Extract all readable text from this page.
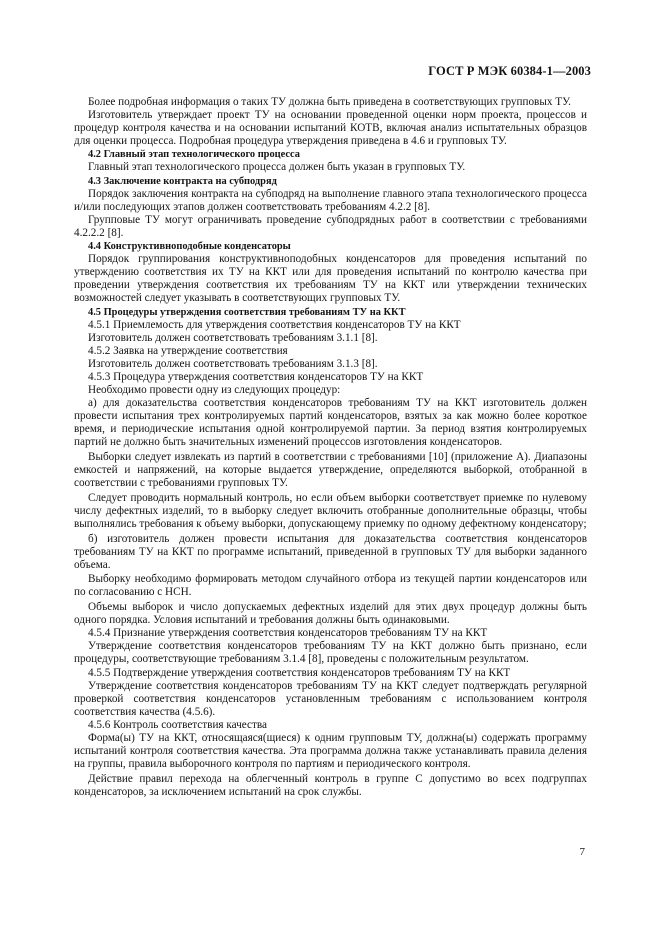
ГОСТ Р МЭК 60384-1—2003

Более подробная информация о таких ТУ должна быть приведена в соответствующих групповых ТУ.

Изготовитель утверждает проект ТУ на основании проведенной оценки норм проекта, процессов и процедур контроля качества и на основании испытаний КОТВ, включая анализ испытательных образцов для оценки процесса. Подробная процедура утверждения приведена в 4.6 и групповых ТУ.

4.2 Главный этап технологического процесса

Главный этап технологического процесса должен быть указан в групповых ТУ.

4.3 Заключение контракта на субподряд

Порядок заключения контракта на субподряд на выполнение главного этапа технологического процесса и/или последующих этапов должен соответствовать требованиям 4.2.2 [8].

Групповые ТУ могут ограничивать проведение субподрядных работ в соответствии с требованиями 4.2.2.2 [8].

4.4 Конструктивноподобные конденсаторы

Порядок группирования конструктивноподобных конденсаторов для проведения испытаний по утверждению соответствия их ТУ на ККТ или для проведения испытаний по контролю качества при проведении утверждения соответствия их требованиям ТУ на ККТ или утверждении технических возможностей следует указывать в соответствующих групповых ТУ.

4.5 Процедуры утверждения соответствия требованиям ТУ на ККТ

4.5.1 Приемлемость для утверждения соответствия конденсаторов ТУ на ККТ

Изготовитель должен соответствовать требованиям 3.1.1 [8].

4.5.2 Заявка на утверждение соответствия

Изготовитель должен соответствовать требованиям 3.1.3 [8].

4.5.3 Процедура утверждения соответствия конденсаторов ТУ на ККТ

Необходимо провести одну из следующих процедур:

а) для доказательства соответствия конденсаторов требованиям ТУ на ККТ изготовитель должен провести испытания трех контролируемых партий конденсаторов, взятых за как можно более короткое время, и периодические испытания одной контролируемой партии. За период взятия контролируемых партий не должно быть значительных изменений процессов изготовления конденсаторов.

Выборки следует извлекать из партий в соответствии с требованиями [10] (приложение А). Диапазоны емкостей и напряжений, на которые выдается утверждение, определяются выборкой, отобранной в соответствии с требованиями групповых ТУ.

Следует проводить нормальный контроль, но если объем выборки соответствует приемке по нулевому числу дефектных изделий, то в выборку следует включить отобранные дополнительные образцы, чтобы выполнялись требования к объему выборки, допускающему приемку по одному дефектному конденсатору;

б) изготовитель должен провести испытания для доказательства соответствия конденсаторов требованиям ТУ на ККТ по программе испытаний, приведенной в групповых ТУ для выборки заданного объема.

Выборку необходимо формировать методом случайного отбора из текущей партии конденсаторов или по согласованию с НСН.

Объемы выборок и число допускаемых дефектных изделий для этих двух процедур должны быть одного порядка. Условия испытаний и требования должны быть одинаковыми.

4.5.4 Признание утверждения соответствия конденсаторов требованиям ТУ на ККТ

Утверждение соответствия конденсаторов требованиям ТУ на ККТ должно быть признано, если процедуры, соответствующие требованиям 3.1.4 [8], проведены с положительным результатом.

4.5.5 Подтверждение утверждения соответствия конденсаторов требованиям ТУ на ККТ

Утверждение соответствия конденсаторов требованиям ТУ на ККТ следует подтверждать регулярной проверкой соответствия конденсаторов установленным требованиям с использованием контроля соответствия качества (4.5.6).

4.5.6 Контроль соответствия качества

Форма(ы) ТУ на ККТ, относящаяся(щиеся) к одним групповым ТУ, должна(ы) содержать программу испытаний контроля соответствия качества. Эта программа должна также устанавливать правила деления на группы, правила выборочного контроля по партиям и периодического контроля.

Действие правил перехода на облегченный контроль в группе С допустимо во всех подгруппах конденсаторов, за исключением испытаний на срок службы.

7
